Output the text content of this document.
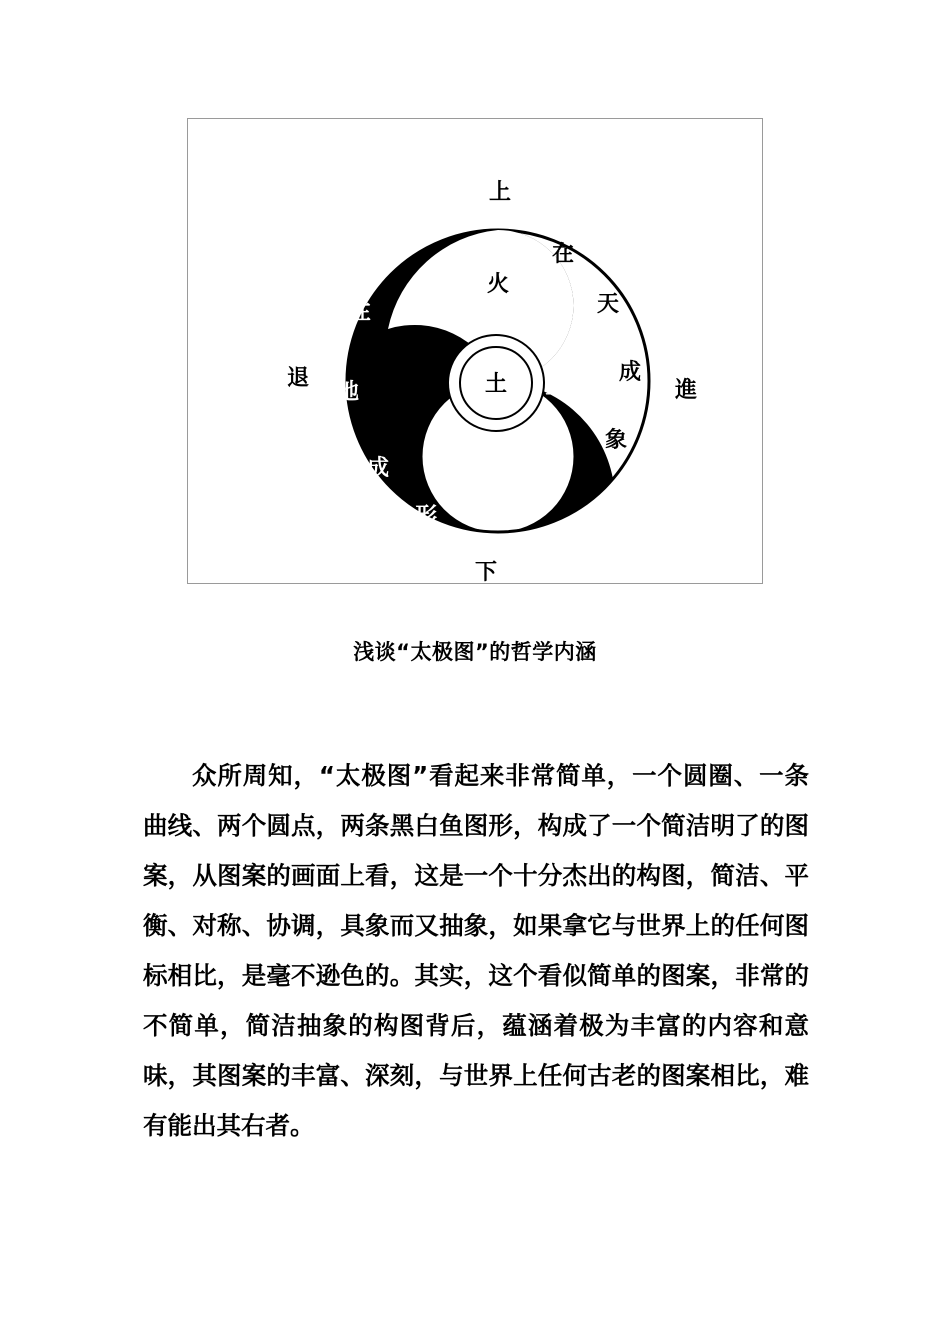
上
下
退	進
在
天
成
象
火
木 土
在
地
成
形
金
水
浅谈“太极图”的哲学内涵

众所周知，“太极图”看起来非常简单，一个圆圈、一条曲线、两个圆点，两条黑白鱼图形，构成了一个简洁明了的图案，从图案的画面上看，这是一个十分杰出的构图，简洁、平衡、对称、协调，具象而又抽象，如果拿它与世界上的任何图标相比，是毫不逊色的。其实，这个看似简单的图案，非常的不简单，简洁抽象的构图背后，蕴涵着极为丰富的内容和意味，其图案的丰富、深刻，与世界上任何古老的图案相比，难有能出其右者。
